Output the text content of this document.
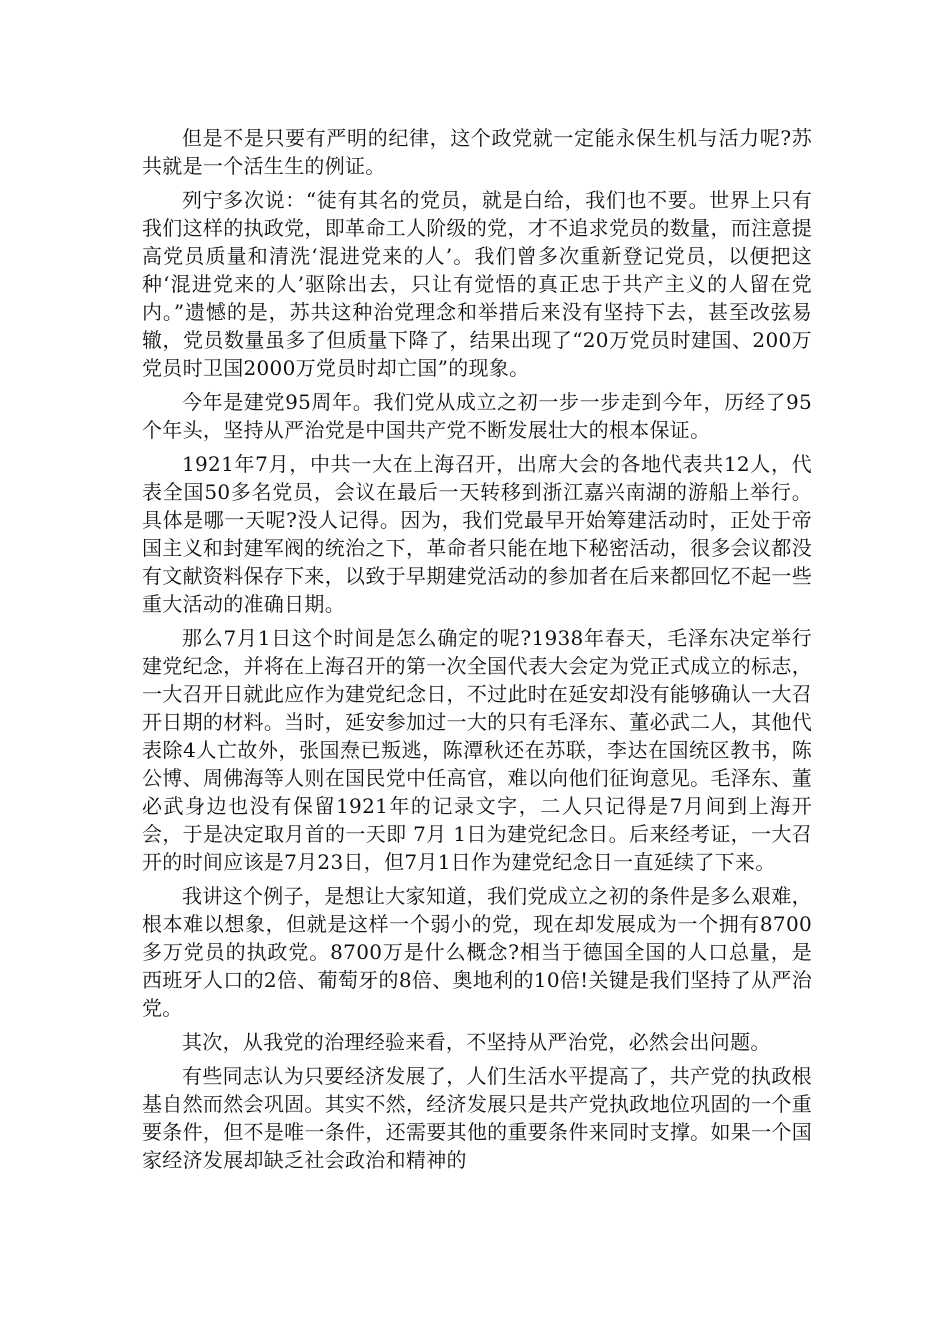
但是不是只要有严明的纪律，这个政党就一定能永保生机与活力呢?苏共就是一个活生生的例证。

列宁多次说：“徒有其名的党员，就是白给，我们也不要。世界上只有我们这样的执政党，即革命工人阶级的党，才不追求党员的数量，而注意提高党员质量和清洗‘混进党来的人’。我们曾多次重新登记党员，以便把这种‘混进党来的人’驱除出去，只让有觉悟的真正忠于共产主义的人留在党内。”遗憾的是，苏共这种治党理念和举措后来没有坚持下去，甚至改弦易辙，党员数量虽多了但质量下降了，结果出现了“20万党员时建国、200万党员时卫国2000万党员时却亡国”的现象。

今年是建党95周年。我们党从成立之初一步一步走到今年，历经了95个年头，坚持从严治党是中国共产党不断发展壮大的根本保证。

1921年7月，中共一大在上海召开，出席大会的各地代表共12人，代表全国50多名党员，会议在最后一天转移到浙江嘉兴南湖的游船上举行。具体是哪一天呢?没人记得。因为，我们党最早开始筹建活动时，正处于帝国主义和封建军阀的统治之下，革命者只能在地下秘密活动，很多会议都没有文献资料保存下来，以致于早期建党活动的参加者在后来都回忆不起一些重大活动的准确日期。

那么7月1日这个时间是怎么确定的呢?1938年春天，毛泽东决定举行建党纪念，并将在上海召开的第一次全国代表大会定为党正式成立的标志，一大召开日就此应作为建党纪念日，不过此时在延安却没有能够确认一大召开日期的材料。当时，延安参加过一大的只有毛泽东、董必武二人，其他代表除4人亡故外，张国焘已叛逃，陈潭秋还在苏联，李达在国统区教书，陈公博、周佛海等人则在国民党中任高官，难以向他们征询意见。毛泽东、董必武身边也没有保留1921年的记录文字，二人只记得是7月间到上海开会，于是决定取月首的一天即 7月 1日为建党纪念日。后来经考证，一大召开的时间应该是7月23日，但7月1日作为建党纪念日一直延续了下来。

我讲这个例子，是想让大家知道，我们党成立之初的条件是多么艰难，根本难以想象，但就是这样一个弱小的党，现在却发展成为一个拥有8700多万党员的执政党。8700万是什么概念?相当于德国全国的人口总量，是西班牙人口的2倍、葡萄牙的8倍、奥地利的10倍!关键是我们坚持了从严治党。

其次，从我党的治理经验来看，不坚持从严治党，必然会出问题。

有些同志认为只要经济发展了，人们生活水平提高了，共产党的执政根基自然而然会巩固。其实不然，经济发展只是共产党执政地位巩固的一个重要条件，但不是唯一条件，还需要其他的重要条件来同时支撑。如果一个国家经济发展却缺乏社会政治和精神的
